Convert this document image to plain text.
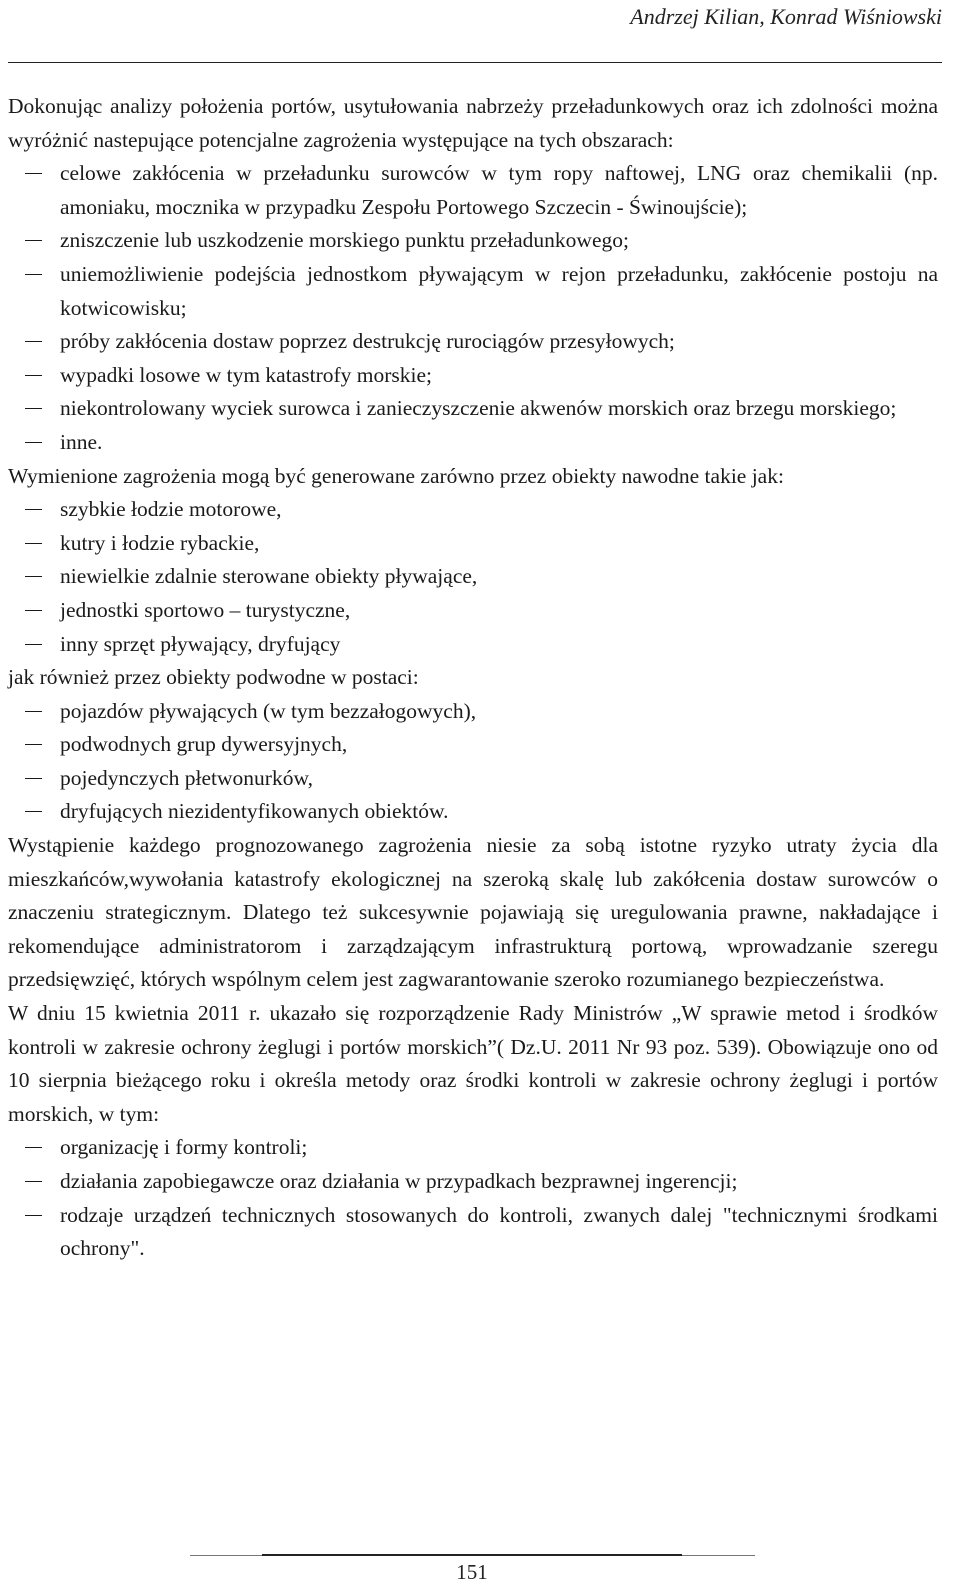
Andrzej Kilian, Konrad Wiśniowski

Dokonując analizy położenia portów, usytułowania nabrzeży przeładunkowych oraz ich zdolności można wyróżnić nastepujące potencjalne zagrożenia występujące na tych obszarach:

celowe zakłócenia w przeładunku surowców w tym ropy naftowej, LNG oraz chemikalii (np. amoniaku, mocznika w przypadku Zespołu Portowego Szczecin - Świnoujście);
zniszczenie lub uszkodzenie morskiego punktu przeładunkowego;
uniemożliwienie podejścia jednostkom pływającym w rejon przeładunku, zakłócenie postoju na kotwicowisku;
próby zakłócenia dostaw poprzez destrukcję rurociągów przesyłowych;
wypadki losowe w tym katastrofy morskie;
niekontrolowany wyciek surowca i zanieczyszczenie akwenów morskich oraz brzegu morskiego;
inne.

Wymienione zagrożenia mogą być generowane zarówno przez obiekty nawodne takie jak:

szybkie łodzie motorowe,
kutry i łodzie rybackie,
niewielkie zdalnie sterowane obiekty pływające,
jednostki sportowo – turystyczne,
inny sprzęt pływający, dryfujący

jak również przez obiekty podwodne w postaci:

pojazdów pływających (w tym bezzałogowych),
podwodnych grup dywersyjnych,
pojedynczych płetwonurków,
dryfujących niezidentyfikowanych obiektów.

Wystąpienie każdego prognozowanego zagrożenia niesie za sobą istotne ryzyko utraty życia dla mieszkańców,wywołania katastrofy ekologicznej na szeroką skalę lub zakółcenia dostaw surowców o znaczeniu strategicznym. Dlatego też sukcesywnie pojawiają się uregulowania prawne, nakładające i rekomendujące administratorom i zarządzającym infrastrukturą portową, wprowadzanie szeregu przedsięwzięć, których wspólnym celem jest zagwarantowanie szeroko rozumianego bezpieczeństwa.

W dniu 15 kwietnia 2011 r. ukazało się rozporządzenie Rady Ministrów „W sprawie metod i środków kontroli w zakresie ochrony żeglugi i portów morskich”( Dz.U. 2011 Nr 93 poz. 539). Obowiązuje ono od 10 sierpnia bieżącego roku i określa metody oraz środki kontroli w zakresie ochrony żeglugi i portów morskich, w tym:

organizację i formy kontroli;
działania zapobiegawcze oraz działania w przypadkach bezprawnej ingerencji;
rodzaje urządzeń technicznych stosowanych do kontroli, zwanych dalej "technicznymi środkami ochrony".
151
